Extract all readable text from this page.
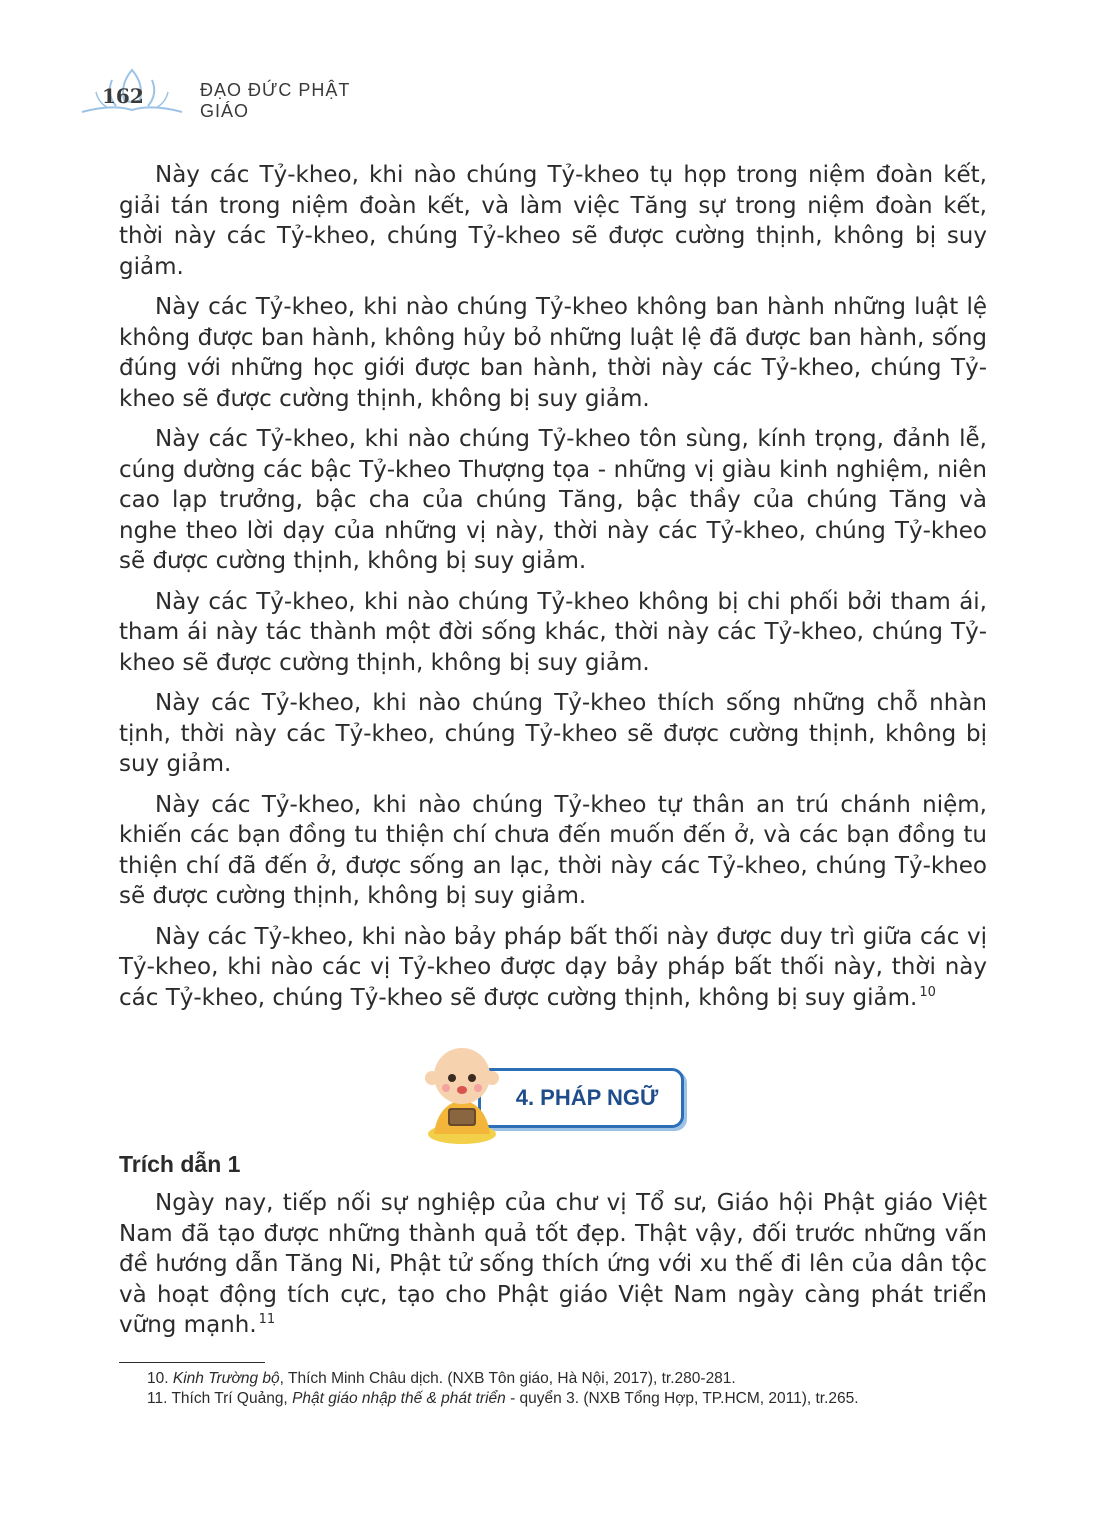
162	ĐẠO ĐỨC PHẬT GIÁO

Này các Tỷ-kheo, khi nào chúng Tỷ-kheo tụ họp trong niệm đoàn kết, giải tán trong niệm đoàn kết, và làm việc Tăng sự trong niệm đoàn kết, thời này các Tỷ-kheo, chúng Tỷ-kheo sẽ được cường thịnh, không bị suy giảm.

Này các Tỷ-kheo, khi nào chúng Tỷ-kheo không ban hành những luật lệ không được ban hành, không hủy bỏ những luật lệ đã được ban hành, sống đúng với những học giới được ban hành, thời này các Tỷ-kheo, chúng Tỷ-kheo sẽ được cường thịnh, không bị suy giảm.

Này các Tỷ-kheo, khi nào chúng Tỷ-kheo tôn sùng, kính trọng, đảnh lễ, cúng dường các bậc Tỷ-kheo Thượng tọa - những vị giàu kinh nghiệm, niên cao lạp trưởng, bậc cha của chúng Tăng, bậc thầy của chúng Tăng và nghe theo lời dạy của những vị này, thời này các Tỷ-kheo, chúng Tỷ-kheo sẽ được cường thịnh, không bị suy giảm.

Này các Tỷ-kheo, khi nào chúng Tỷ-kheo không bị chi phối bởi tham ái, tham ái này tác thành một đời sống khác, thời này các Tỷ-kheo, chúng Tỷ-kheo sẽ được cường thịnh, không bị suy giảm.

Này các Tỷ-kheo, khi nào chúng Tỷ-kheo thích sống những chỗ nhàn tịnh, thời này các Tỷ-kheo, chúng Tỷ-kheo sẽ được cường thịnh, không bị suy giảm.

Này các Tỷ-kheo, khi nào chúng Tỷ-kheo tự thân an trú chánh niệm, khiến các bạn đồng tu thiện chí chưa đến muốn đến ở, và các bạn đồng tu thiện chí đã đến ở, được sống an lạc, thời này các Tỷ-kheo, chúng Tỷ-kheo sẽ được cường thịnh, không bị suy giảm.

Này các Tỷ-kheo, khi nào bảy pháp bất thối này được duy trì giữa các vị Tỷ-kheo, khi nào các vị Tỷ-kheo được dạy bảy pháp bất thối này, thời này các Tỷ-kheo, chúng Tỷ-kheo sẽ được cường thịnh, không bị suy giảm. $^{10}$

4. PHÁP NGỮ
Trích dẫn 1

Ngày nay, tiếp nối sự nghiệp của chư vị Tổ sư, Giáo hội Phật giáo Việt Nam đã tạo được những thành quả tốt đẹp. Thật vậy, đối trước những vấn đề hướng dẫn Tăng Ni, Phật tử sống thích ứng với xu thế đi lên của dân tộc và hoạt động tích cực, tạo cho Phật giáo Việt Nam ngày càng phát triển vững mạnh. $^{11}$

10. Kinh Trường bộ, Thích Minh Châu dịch. (NXB Tôn giáo, Hà Nội, 2017), tr.280-281.

11. Thích Trí Quảng, Phật giáo nhập thế & phát triển - quyển 3. (NXB Tổng Hợp, TP.HCM, 2011), tr.265.
